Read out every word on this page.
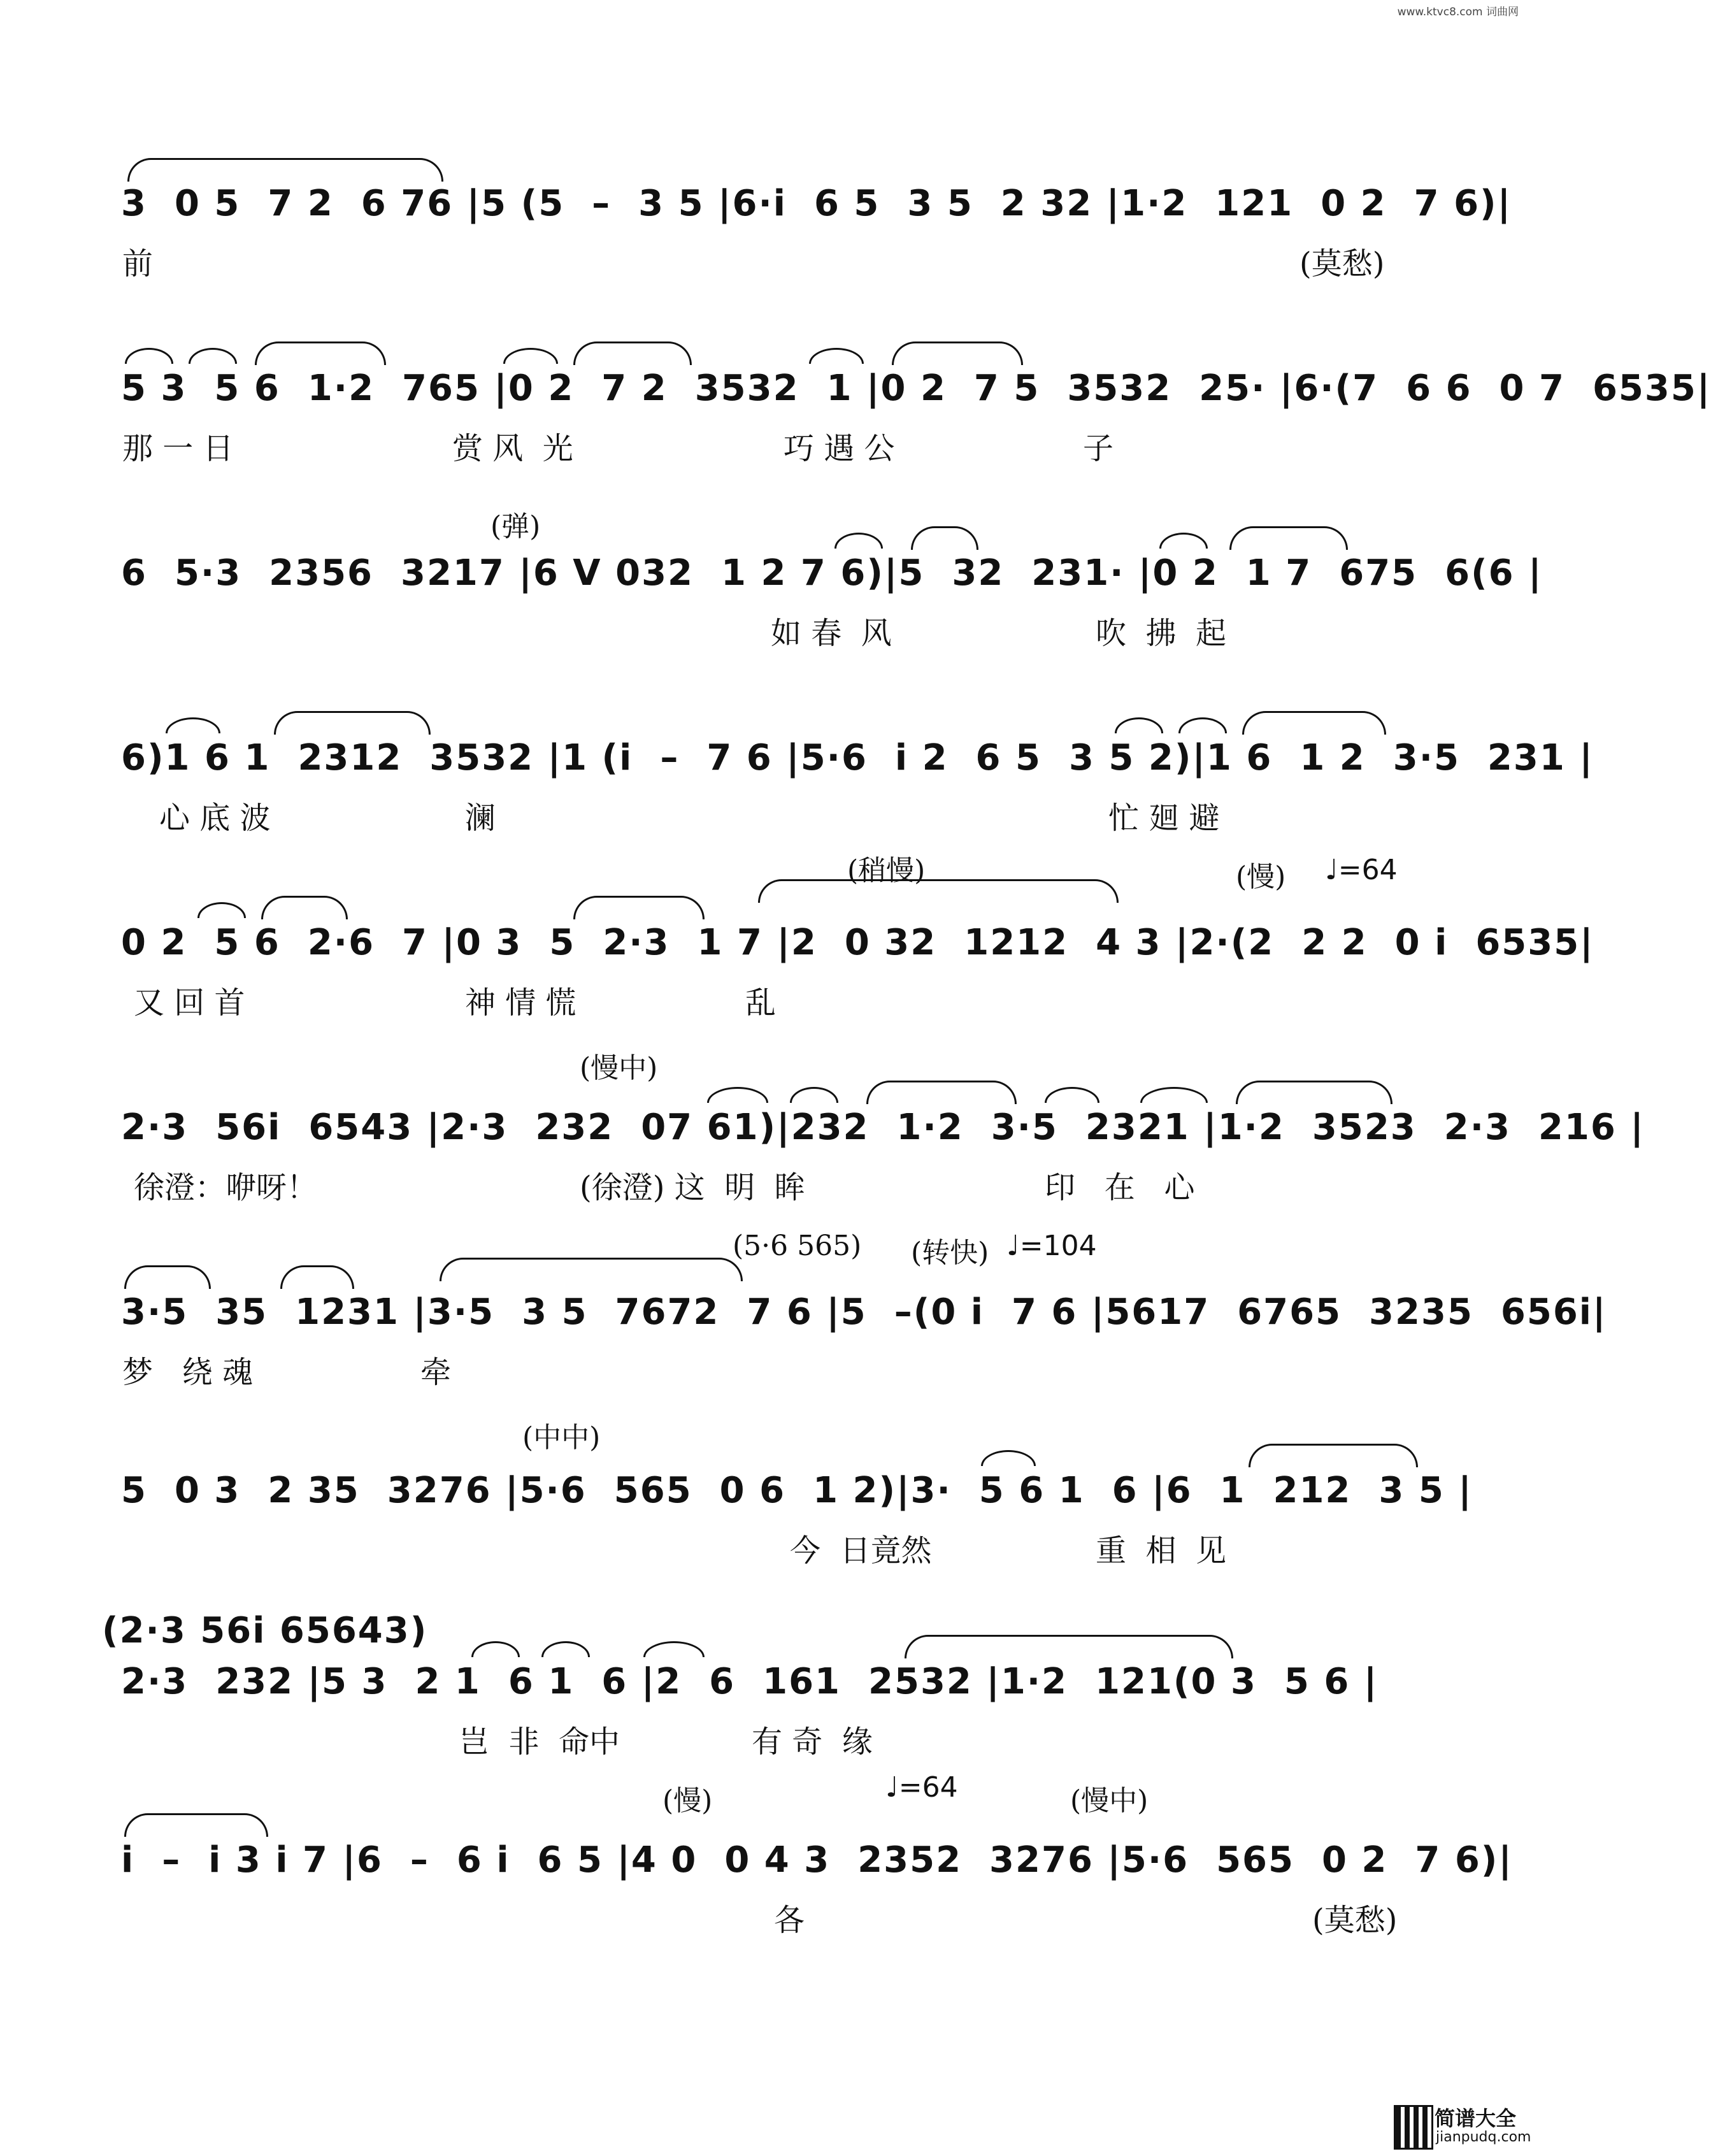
www.ktvc8.com 词曲网
3  0 5  7 2  6 76 |5 (5  –  3 5 |6·i  6 5  3 5  2 32 |1·2  121  0 2  7 6)|
前	(莫愁)
5 3  5 6  1·2  765 |0 2  7 2  3532  1 |0 2  7 5  3532  25· |6·(7  6 6  0 7  6535|
那 一 日	赏 风  光	巧 遇 公	子
(弹)
6  5·3  2356  3217 |6 V 032  1 2 7 6)|5  32  231· |0 2  1 7  675  6(6 |
如 春  风	吹  拂  起
6)1 6 1  2312  3532 |1 (i  –  7 6 |5·6  i 2  6 5  3 5 2)|1 6  1 2  3·5  231 |
心 底 波	澜	忙 廻 避
(稍慢)	(慢) ♩=64
0 2  5 6  2·6  7 |0 3  5  2·3  1 7 |2  0 32  1212  4 3 |2·(2  2 2  0 i  6535|
又 回 首	神 情 慌	乱
(慢中)
2·3  56i  6543 |2·3  232  07 61)|232  1·2  3·5  2321 |1·2  3523  2·3  216 |
徐澄：咿呀！	(徐澄) 这  明  眸	印   在   心
(5·6 565) (转快) ♩=104
3·5  35  1231 |3·5  3 5  7672  7 6 |5  –(0 i  7 6 |5617  6765  3235  656i|
梦   绕 魂	牵
(中中)
5  0 3  2 35  3276 |5·6  565  0 6  1 2)|3·  5 6 1  6 |6  1  212  3 5 |
今  日竟然	重  相  见
(2·3 56i 65643)
2·3  232 |5 3  2 1  6 1  6 |2  6  161  2532 |1·2  121(0 3  5 6 |
岂  非  命中	有 奇  缘
(慢)	♩=64	(慢中)
i  –  i 3 i 7 |6  –  6 i  6 5 |4 0  0 4 3  2352  3276 |5·6  565  0 2  7 6)|
各	(莫愁)
简谱大全
jianpudq.com
